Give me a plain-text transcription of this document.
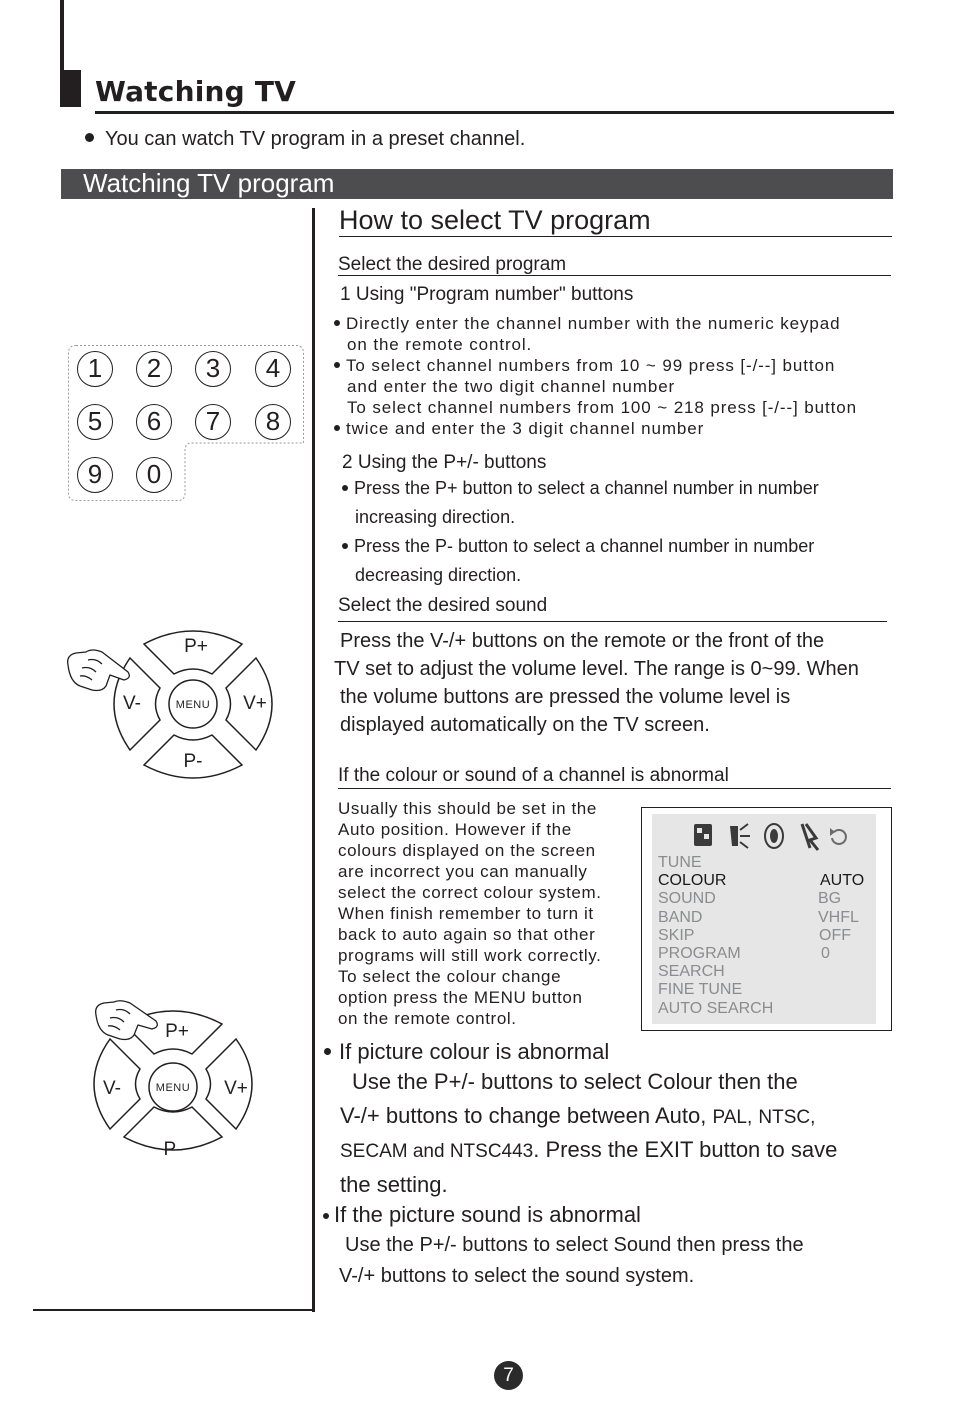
Watching TV
You can watch TV program in a preset channel.
Watching TV program
1	2	3	4
5	6	7	8
9	0
P+
P-
V-	V+
MENU
P+
P-
V-	V+
MENU
How to select TV program
Select the desired program
1 Using "Program number" buttons
Directly enter the channel number with the numeric keypad
on the remote control.
To select channel numbers from 10 ~ 99 press [-/--] button
and enter the two digit channel number
To select channel numbers from 100 ~ 218 press [-/--] button
twice and enter the 3 digit channel number
2 Using the P+/- buttons
Press the P+ button to select a channel number in number
increasing direction.
Press the P- button to select a channel number in number
decreasing direction.
Select the desired sound
Press the V-/+ buttons on the remote or the front of the
TV set to adjust the volume level. The range is 0~99. When
the volume buttons are pressed the volume level is
displayed automatically on the TV screen.
If the colour or sound of a channel is abnormal
Usually this should be set in the
Auto position. However if the
colours displayed on the screen
are incorrect you can manually
select the correct colour system.
When finish remember to turn it
back to auto again so that other
programs will still work correctly.
To select the colour change
option press the MENU button
on the remote control.
TUNE
COLOUR	AUTO
SOUND	BG
BAND	VHFL
SKIP	OFF
PROGRAM	0
SEARCH
FINE TUNE
AUTO SEARCH
If picture colour is abnormal
Use the P+/- buttons to select Colour then the
V-/+ buttons to change between Auto, PAL, NTSC,
SECAM and NTSC443. Press the EXIT button to save
the setting.
If the picture sound is abnormal
Use the P+/- buttons to select Sound then press the
V-/+ buttons to select the sound system.
7
